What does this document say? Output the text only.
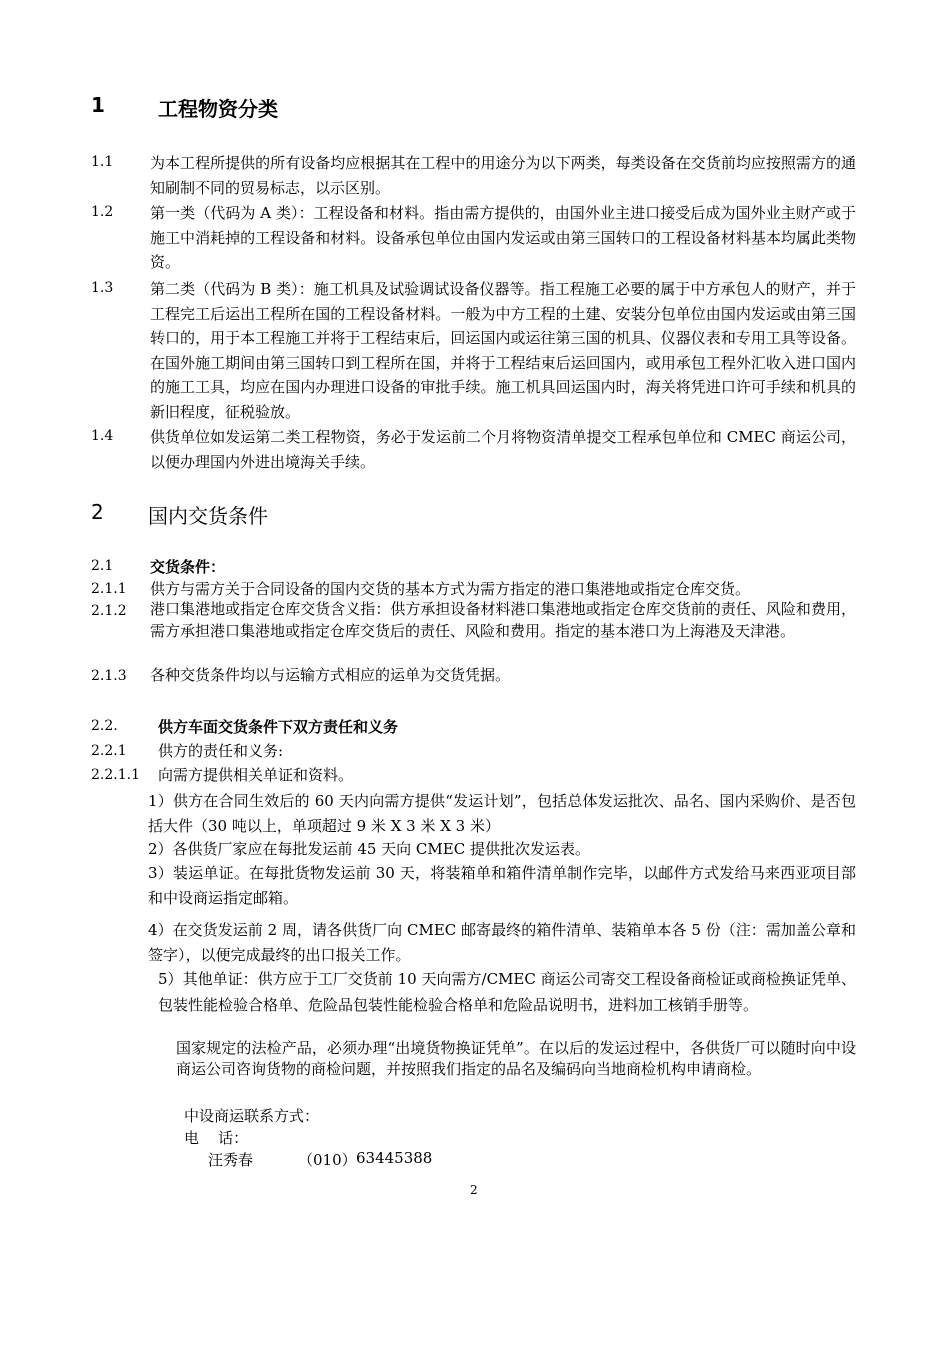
1	工程物资分类
1.1 为本工程所提供的所有设备均应根据其在工程中的用途分为以下两类，每类设备在交货前均应按照需方的通知刷制不同的贸易标志，以示区别。
1.2 第一类（代码为 A 类）：工程设备和材料。指由需方提供的，由国外业主进口接受后成为国外业主财产或于施工中消耗掉的工程设备和材料。设备承包单位由国内发运或由第三国转口的工程设备材料基本均属此类物资。
1.3 第二类（代码为 B 类）：施工机具及试验调试设备仪器等。指工程施工必要的属于中方承包人的财产，并于工程完工后运出工程所在国的工程设备材料。一般为中方工程的土建、安装分包单位由国内发运或由第三国转口的，用于本工程施工并将于工程结束后，回运国内或运往第三国的机具、仪器仪表和专用工具等设备。在国外施工期间由第三国转口到工程所在国，并将于工程结束后运回国内，或用承包工程外汇收入进口国内的施工工具，均应在国内办理进口设备的审批手续。施工机具回运国内时，海关将凭进口许可手续和机具的新旧程度，征税验放。
1.4 供货单位如发运第二类工程物资，务必于发运前二个月将物资清单提交工程承包单位和 CMEC 商运公司，以便办理国内外进出境海关手续。
2 国内交货条件
2.1 交货条件：
2.1.1 供方与需方关于合同设备的国内交货的基本方式为需方指定的港口集港地或指定仓库交货。
2.1.2 港口集港地或指定仓库交货含义指：供方承担设备材料港口集港地或指定仓库交货前的责任、风险和费用，需方承担港口集港地或指定仓库交货后的责任、风险和费用。指定的基本港口为上海港及天津港。
2.1.3 各种交货条件均以与运输方式相应的运单为交货凭据。
2.2.	供方车面交货条件下双方责任和义务
2.2.1 供方的责任和义务:
2.2.1.1 向需方提供相关单证和资料。
1）供方在合同生效后的 60 天内向需方提供“发运计划”，包括总体发运批次、品名、国内采购价、是否包括大件（30 吨以上，单项超过 9 米 X 3 米 X 3 米）
2）各供货厂家应在每批发运前 45 天向 CMEC 提供批次发运表。
3）装运单证。在每批货物发运前 30 天，将装箱单和箱件清单制作完毕，以邮件方式发给马来西亚项目部和中设商运指定邮箱。
4）在交货发运前 2 周，请各供货厂向 CMEC 邮寄最终的箱件清单、装箱单本各 5 份（注：需加盖公章和签字），以便完成最终的出口报关工作。
5）其他单证：供方应于工厂交货前 10 天向需方/CMEC 商运公司寄交工程设备商检证或商检换证凭单、包装性能检验合格单、危险品包装性能检验合格单和危险品说明书，进料加工核销手册等。
国家规定的法检产品，必须办理“出境货物换证凭单”。在以后的发运过程中，各供货厂可以随时向中设商运公司咨询货物的商检问题，并按照我们指定的品名及编码向当地商检机构申请商检。
中设商运联系方式：
电    话：
汪秀春	（010） 63445388
2
